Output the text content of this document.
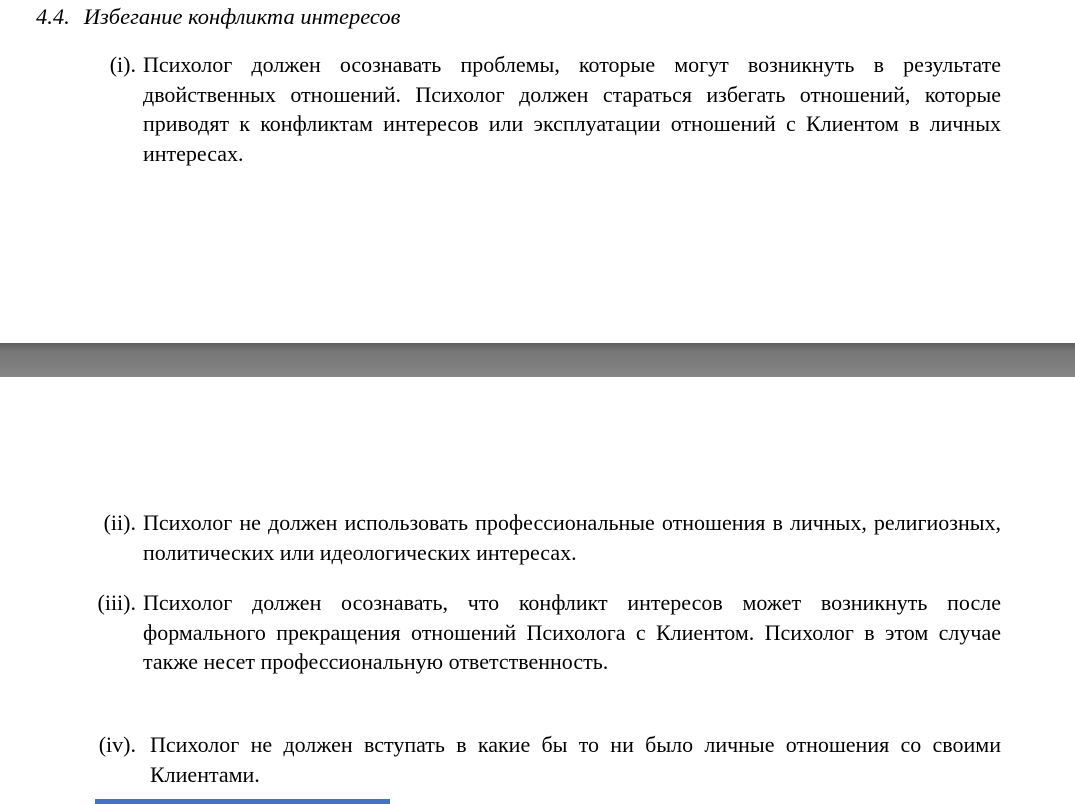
4.4. Избегание конфликта интересов
(i). Психолог должен осознавать проблемы, которые могут возникнуть в результате двойственных отношений. Психолог должен стараться избегать отношений, которые приводят к конфликтам интересов или эксплуатации отношений с Клиентом в личных интересах.

(ii). Психолог не должен использовать профессиональные отношения в личных, религиозных, политических или идеологических интересах.

(iii). Психолог должен осознавать, что конфликт интересов может возникнуть после формального прекращения отношений Психолога с Клиентом. Психолог в этом случае также несет профессиональную ответственность.

(iv). Психолог не должен вступать в какие бы то ни было личные отношения со своими Клиентами.
